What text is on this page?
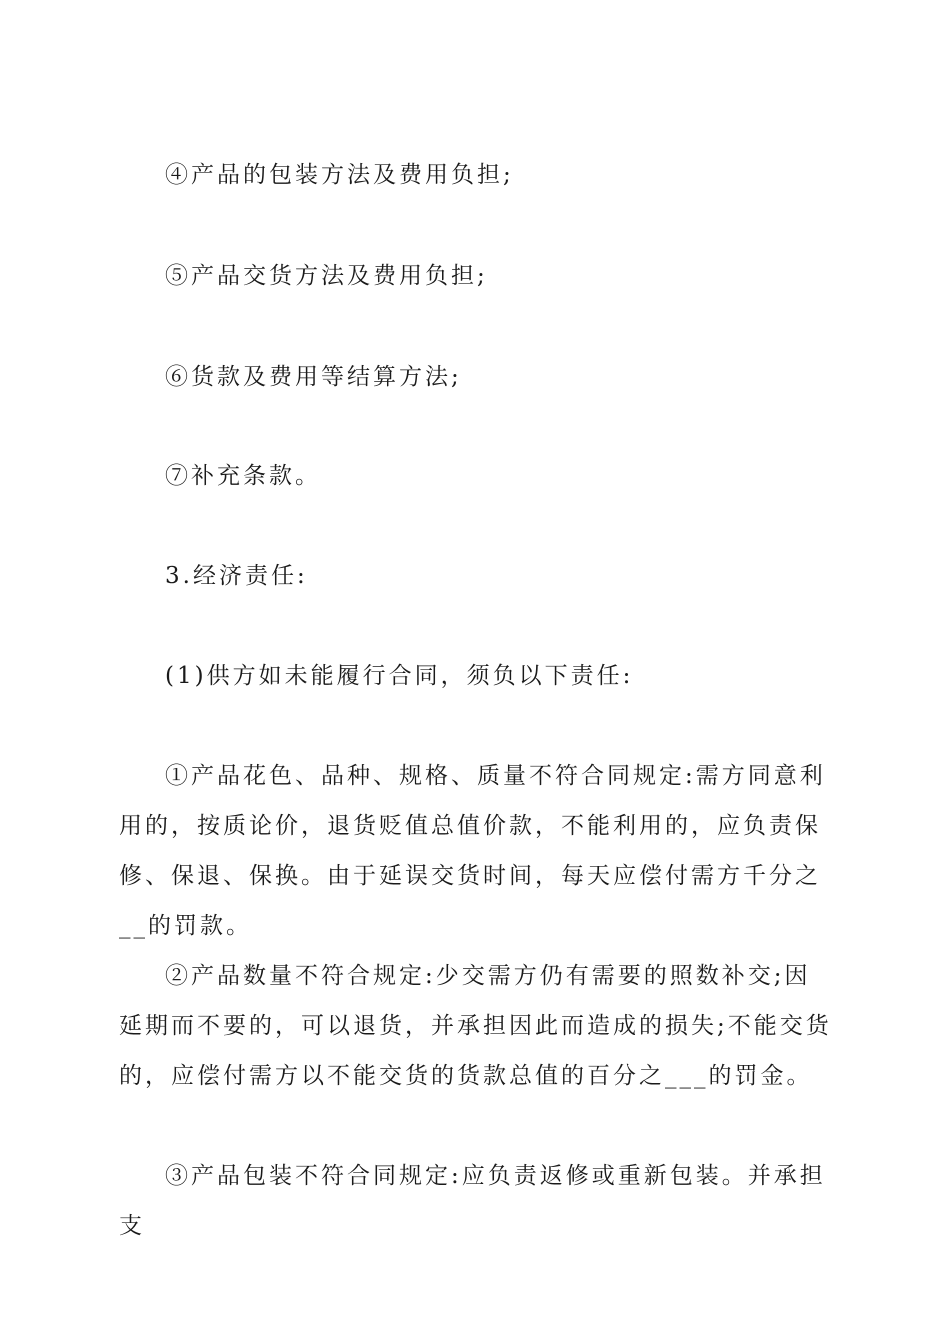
④产品的包装方法及费用负担;

⑤产品交货方法及费用负担;

⑥货款及费用等结算方法;

⑦补充条款。

3.经济责任:

(1)供方如未能履行合同，须负以下责任:

①产品花色、品种、规格、质量不符合同规定:需方同意利用的，按质论价，退货贬值总值价款，不能利用的，应负责保修、保退、保换。由于延误交货时间，每天应偿付需方千分之__的罚款。

②产品数量不符合规定:少交需方仍有需要的照数补交;因延期而不要的，可以退货，并承担因此而造成的损失;不能交货的，应偿付需方以不能交货的货款总值的百分之___的罚金。

③产品包装不符合同规定:应负责返修或重新包装。并承担支
